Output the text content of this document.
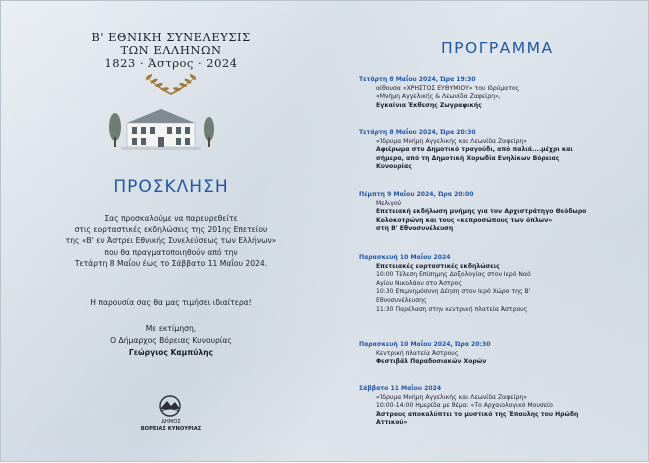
Β' ΕΘΝΙΚΗ ΣΥΝΕΛΕΥΣΙΣ
ΤΩΝ ΕΛΛΗΝΩΝ
1823 · Άστρος · 2024
ΠΡΟΣΚΛΗΣΗ
Σας προσκαλούμε να παρευρεθείτε
στις εορταστικές εκδηλώσεις της 201ης Επετείου
της «Β' εν Άστρει Εθνικής Συνελεύσεως των Ελλήνων»
που θα πραγματοποιηθούν από την
Τετάρτη 8 Μαΐου έως το Σάββατο 11 Μαΐου 2024.
Η παρουσία σας θα μας τιμήσει ιδιαίτερα!
Με εκτίμηση,
Ο Δήμαρχος Βόρειας Κυνουρίας
Γεώργιος Καμπύλης
ΔΗΜΟΣ
ΒΟΡΕΙΑΣ ΚΥΝΟΥΡΙΑΣ
ΠΡΟΓΡΑΜΜΑ
Τετάρτη 8 Μαΐου 2024, Ώρα 19:30
αίθουσα «ΧΡΗΣΤΟΣ ΕΥΘΥΜΙΟΥ» του Ιδρύματος
«Μνήμη Αγγελικής & Λεωνίδα Ζαφείρη»,
Εγκαίνια Έκθεσης Ζωγραφικής
Τετάρτη 8 Μαΐου 2024, Ώρα 20:30
«Ίδρυμα Μνήμη Αγγελικής και Λεωνίδα Ζαφείρη»
Αφιέρωμα στο Δημοτικό τραγούδι, από παλιά....μέχρι και
σήμερα, από τη Δημοτική Χορωδία Ενηλίκων Βόρειας
Κυνουρίας
Πέμπτη 9 Μαΐου 2024, Ώρα 20:00
Μελιγού
Επετειακή εκδήλωση μνήμης για τον Αρχιστράτηγο Θεόδωρο
Κολοκοτρώνη και τους «κεπροσώπους των όπλων»
στη Β' Εθνοσυνέλευση
Παρασκευή 10 Μαΐου 2024
Επετειακές εορταστικές εκδηλώσεις
10:00 Τέλεση Επίσημης Δοξολογίας στον Ιερό Ναό
Αγίου Νικολάου στο Άστρος
10:30 Επιμνημόσυνη Δέηση στον Ιερό Χώρο της Β'
Εθνοσυνέλευσης
11:30 Παρέλαση στην κεντρική πλατεία Άστρους
Παρασκευή 10 Μαΐου 2024, Ώρα 20:30
Κεντρική πλατεία Άστρους
Φεστιβάλ Παραδοσιακών Χορών
Σάββατο 11 Μαΐου 2024
«Ίδρυμα Μνήμη Αγγελικής και Λεωνίδα Ζαφείρη»
10:00-14:00 Ημερίδα με θέμα: «Το Αρχαιολογικό Μουσείο
Άστρους αποκαλύπτει το μυστικό της Έπαυλης του Ηρώδη
Αττικού»
